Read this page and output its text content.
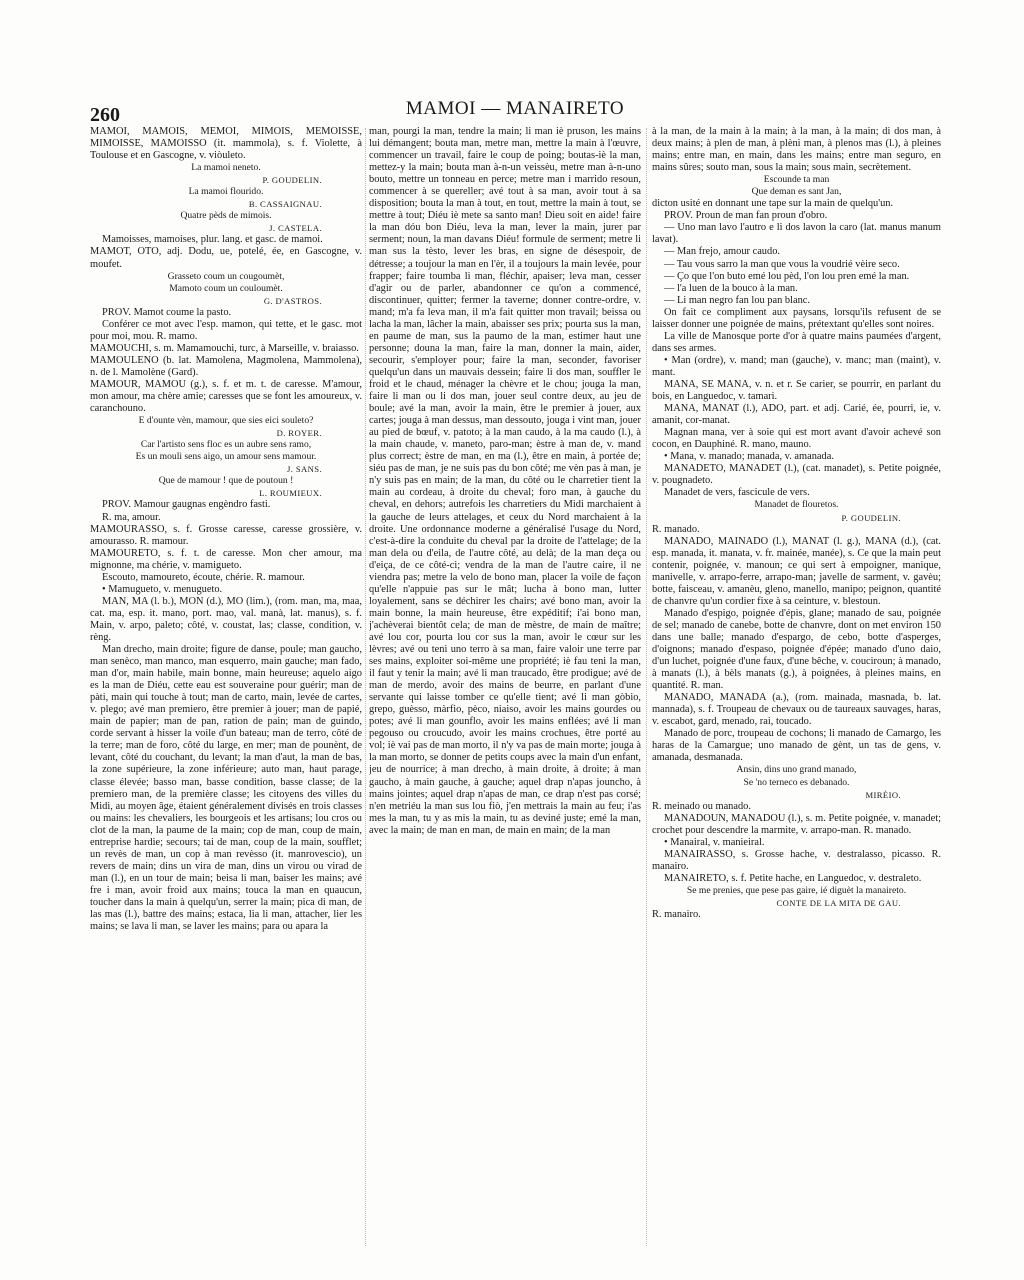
260	MAMOI — MANAIRETO

MAMOI, MAMOIS, MEMOI, MIMOIS, MEMOISSE, MIMOISSE, MAMOISSO (it. mammola), s. f. Violette, à Toulouse et en Gascogne, v. viòuleto.

La mamoi neneto.

P. GOUDELIN.

La mamoi flourido.

B. CASSAIGNAU.

Quatre pèds de mimois.

J. CASTELA.

Mamoisses, mamoises, plur. lang. et gasc. de mamoi.

MAMOT, OTO, adj. Dodu, ue, potelé, ée, en Gascogne, v. moufet.

Grasseto coum un cougoumèt,

Mamoto coum un couloumèt.

G. D'ASTROS.

PROV. Mamot coume la pasto.

Conférer ce mot avec l'esp. mamon, qui tette, et le gasc. mot pour moi, mou. R. mamo.

MAMOUCHI, s. m. Mamamouchi, turc, à Marseille, v. braiasso.

MAMOULENO (b. lat. Mamolena, Magmolena, Mammolena), n. de l. Mamolène (Gard).

MAMOUR, MAMOU (g.), s. f. et m. t. de caresse. M'amour, mon amour, ma chère amie; caresses que se font les amoureux, v. caranchouno.

E d'ounte vèn, mamour, que sies eici souleto?

D. ROYER.

Car l'artisto sens floc es un aubre sens ramo,

Es un moulì sens aigo, un amour sens mamour.

J. SANS.

Que de mamour ! que de poutoun !

L. ROUMIEUX.

PROV. Mamour gaugnas engèndro fasti.

R. ma, amour.

MAMOURASSO, s. f. Grosse caresse, caresse grossière, v. amourasso. R. mamour.

MAMOURETO, s. f. t. de caresse. Mon cher amour, ma mignonne, ma chérie, v. mamigueto.

Escouto, mamoureto, écoute, chérie. R. mamour.

• Mamugueto, v. menugueto.

MAN, MA (l. b.), MON (d.), MO (lim.), (rom. man, ma, maa, cat. ma, esp. it. mano, port. mao, val. manà, lat. manus), s. f. Main, v. arpo, paleto; côté, v. coustat, las; classe, condition, v. rèng.

Man drecho, main droite; figure de danse, poule; man gaucho, man senèco, man manco, man esquerro, main gauche; man fado, man d'or, main habile, main bonne, main heureuse; aquelo aigo es la man de Diéu, cette eau est souveraine pour guérir; man de pàti, main qui touche à tout; man de carto, main, levée de cartes, v. plego; avé man premiero, être premier à jouer; man de papié, main de papier; man de pan, ration de pain; man de guindo, corde servant à hisser la voile d'un bateau; man de terro, côté de la terre; man de foro, côté du large, en mer; man de pounènt, de levant, côté du couchant, du levant; la man d'aut, la man de bas, la zone supérieure, la zone inférieure; auto man, haut parage, classe élevée; basso man, basse condition, basse classe; de la premiero man, de la première classe; les citoyens des villes du Midi, au moyen âge, étaient généralement divisés en trois classes ou mains: les chevaliers, les bourgeois et les artisans; lou cros ou clot de la man, la paume de la main; cop de man, coup de main, entreprise hardie; secours; tai de man, coup de la main, soufflet; un revès de man, un cop à man revèsso (it. manrovescio), un revers de main; dins un vira de man, dins un virou ou virad de man (l.), en un tour de main; beisa li man, baiser les mains; avé fre i man, avoir froid aux mains; touca la man en quaucun, toucher dans la main à quelqu'un, serrer la main; pica di man, de las mas (l.), battre des mains; estaca, lia li man, attacher, lier les mains; se lava li man, se laver les mains; para ou apara la

man, pourgi la man, tendre la main; li man iè pruson, les mains lui démangent; bouta man, metre man, mettre la main à l'œuvre, commencer un travail, faire le coup de poing; boutas-iè la man, mettez-y la main; bouta man à-n-un veissèu, metre man à-n-uno bouto, mettre un tonneau en perce; metre man i marrido resoun, commencer à se quereller; avé tout à sa man, avoir tout à sa disposition; bouta la man à tout, en tout, mettre la main à tout, se mettre à tout; Diéu iè mete sa santo man! Dieu soit en aide! faire la man dóu bon Diéu, leva la man, lever la main, jurer par serment; noun, la man davans Diéu! formule de serment; metre li man sus la tèsto, lever les bras, en signe de désespoir, de détresse; a toujour la man en l'èr, il a toujours la main levée, pour frapper; faire toumba li man, fléchir, apaiser; leva man, cesser d'agir ou de parler, abandonner ce qu'on a commencé, discontinuer, quitter; fermer la taverne; donner contre-ordre, v. mand; m'a fa leva man, il m'a fait quitter mon travail; beissa ou lacha la man, lâcher la main, abaisser ses prix; pourta sus la man, en paume de man, sus la paumo de la man, estimer haut une personne; douna la man, faire la man, donner la main, aider, secourir, s'employer pour; faire la man, seconder, favoriser quelqu'un dans un mauvais dessein; faire li dos man, souffler le froid et le chaud, ménager la chèvre et le chou; jouga la man, faire li man ou li dos man, jouer seul contre deux, au jeu de boule; avé la man, avoir la main, être le premier à jouer, aux cartes; jouga à man dessus, man dessouto, jouga i vint man, jouer au pied de bœuf, v. patoto; à la man caudo, à la ma caudo (l.), à la main chaude, v. maneto, paro-man; èstre à man de, v. mand plus correct; èstre de man, en ma (l.), être en main, à portée de; siéu pas de man, je ne suis pas du bon côté; me vèn pas à man, je n'y suis pas en main; de la man, du côté ou le charretier tient la main au cordeau, à droite du cheval; foro man, à gauche du cheval, en dehors; autrefois les charretiers du Midi marchaient à la gauche de leurs attelages, et ceux du Nord marchaient à la droite. Une ordonnance moderne a généralisé l'usage du Nord, c'est-à-dire la conduite du cheval par la droite de l'attelage; de la man dela ou d'eila, de l'autre côté, au delà; de la man deça ou d'eiça, de ce côté-ci; vendra de la man de l'autre caire, il ne viendra pas; metre la velo de bono man, placer la voile de façon qu'elle n'appuie pas sur le mât; lucha à bono man, lutter loyalement, sans se déchirer les chairs; avé bono man, avoir la main bonne, la main heureuse, être expéditif; i'ai bono man, j'achèverai bientôt cela; de man de mèstre, de main de maître; avé lou cor, pourta lou cor sus la man, avoir le cœur sur les lèvres; avé ou teni uno terro à sa man, faire valoir une terre par ses mains, exploiter soi-même une propriété; iè fau teni la man, il faut y tenir la main; avé li man traucado, être prodigue; avé de man de merdo, avoir des mains de beurre, en parlant d'une servante qui laisse tomber ce qu'elle tient; avé li man gòbio, grepo, guèsso, màrfio, pèco, niaiso, avoir les mains gourdes ou potes; avé li man gounflo, avoir les mains enflées; avé li man pegouso ou croucudo, avoir les mains crochues, être porté au vol; iè vai pas de man morto, il n'y va pas de main morte; jouga à la man morto, se donner de petits coups avec la main d'un enfant, jeu de nourrice; à man drecho, à main droite, à droite; à man gaucho, à main gauche, à gauche; aquel drap n'apas jouncho, à mains jointes; aquel drap n'apas de man, ce drap n'est pas corsé; n'en metriéu la man sus lou fiò, j'en mettrais la main au feu; i'as mes la man, tu y as mis la main, tu as deviné juste; emé la man, avec la main; de man en man, de main en main; de la man

à la man, de la main à la main; à la man, à la main; di dos man, à deux mains; à plen de man, à plèni man, à plenos mas (l.), à pleines mains; entre man, en main, dans les mains; entre man seguro, en mains sûres; souto man, sous la main; sous main, secrètement.

Escounde ta man

Que deman es sant Jan,

dicton usité en donnant une tape sur la main de quelqu'un.

PROV. Proun de man fan proun d'obro.

— Uno man lavo l'autro e li dos lavon la caro (lat. manus manum lavat).

— Man frejo, amour caudo.

— Tau vous sarro la man que vous la voudrié vèire seco.

— Ço que l'on buto emé lou pèd, l'on lou pren emé la man.

— l'a luen de la bouco à la man.

— Li man negro fan lou pan blanc.

On fait ce compliment aux paysans, lorsqu'ils refusent de se laisser donner une poignée de mains, prétextant qu'elles sont noires.

La ville de Manosque porte d'or à quatre mains paumées d'argent, dans ses armes.

• Man (ordre), v. mand; man (gauche), v. manc; man (maint), v. mant.

MANA, SE MANA, v. n. et r. Se carier, se pourrir, en parlant du bois, en Languedoc, v. tamari.

MANA, MANAT (l.), ADO, part. et adj. Carié, ée, pourri, ie, v. amanit, cor-manat.

Magnan mana, ver à soie qui est mort avant d'avoir achevé son cocon, en Dauphiné. R. mano, mauno.

• Mana, v. manado; manada, v. amanada.

MANADETO, MANADET (l.), (cat. manadet), s. Petite poignée, v. pougnadeto.

Manadet de vers, fascicule de vers.

Manadet de flouretos.

P. GOUDELIN.

R. manado.

MANADO, MAINADO (l.), MANAT (l. g.), MANA (d.), (cat. esp. manada, it. manata, v. fr. mainée, manée), s. Ce que la main peut contenir, poignée, v. manoun; ce qui sert à empoigner, manique, manivelle, v. arrapo-ferre, arrapo-man; javelle de sarment, v. gavèu; botte, faisceau, v. amanèu, gleno, manello, manipo; peignon, quantité de chanvre qu'un cordier fixe à sa ceinture, v. blestoun.

Manado d'espigo, poignée d'épis, glane; manado de sau, poignée de sel; manado de canebe, botte de chanvre, dont on met environ 150 dans une balle; manado d'espargo, de cebo, botte d'asperges, d'oignons; manado d'espaso, poignée d'épée; manado d'uno daio, d'un luchet, poignée d'une faux, d'une bêche, v. couciroun; à manado, à manats (l.), à bèls manats (g.), à poignées, à pleines mains, en quantité. R. man.

MANADO, MANADA (a.), (rom. mainada, masnada, b. lat. mannada), s. f. Troupeau de chevaux ou de taureaux sauvages, haras, v. escabot, gard, menado, rai, toucado.

Manado de porc, troupeau de cochons; li manado de Camargo, les haras de la Camargue; uno manado de gènt, un tas de gens, v. amanada, desmanada.

Ansin, dins uno grand manado,

Se 'no terneco es debanado.

MIRÈIO.

R. meinado ou manado.

MANADOUN, MANADOU (l.), s. m. Petite poignée, v. manadet; crochet pour descendre la marmite, v. arrapo-man. R. manado.

• Manairal, v. manieiral.

MANAIRASSO, s. Grosse hache, v. destralasso, picasso. R. manairo.

MANAIRETO, s. f. Petite hache, en Languedoc, v. destraleto.

Se me prenies, que pese pas gaire, ié diguèt la manaireto.

CONTE DE LA MITA DE GAU.

R. manairo.
